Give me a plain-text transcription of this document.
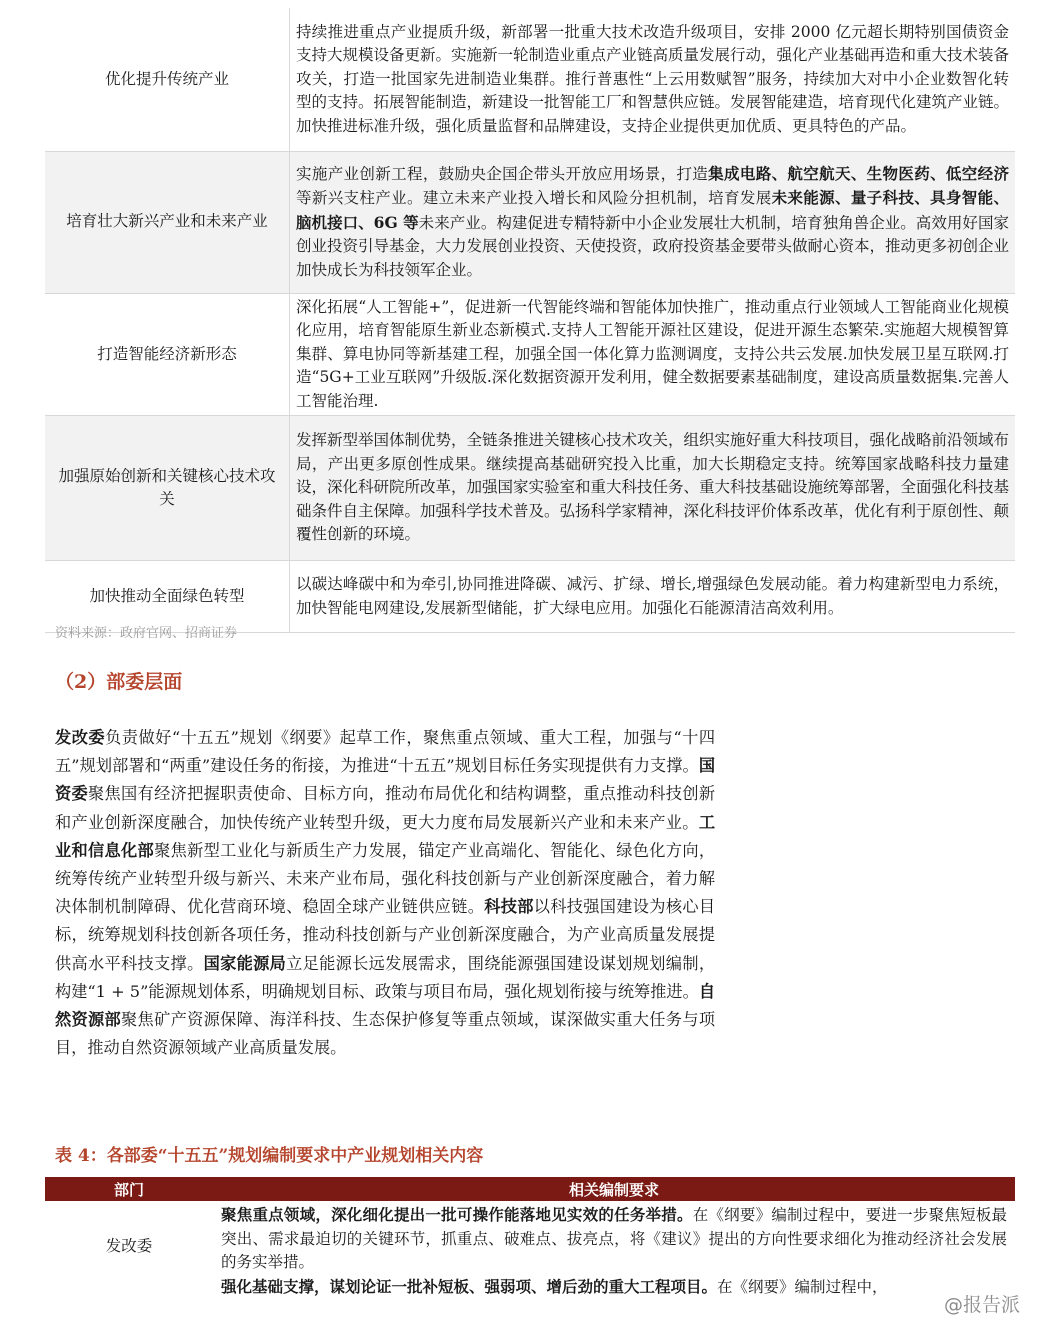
优化提升传统产业	持续推进重点产业提质升级，新部署一批重大技术改造升级项目，安排 2000 亿元超长期特别国债资金支持大规模设备更新。实施新一轮制造业重点产业链高质量发展行动，强化产业基础再造和重大技术装备攻关，打造一批国家先进制造业集群。推行普惠性“上云用数赋智”服务，持续加大对中小企业数智化转型的支持。拓展智能制造，新建设一批智能工厂和智慧供应链。发展智能建造，培育现代化建筑产业链。加快推进标准升级，强化质量监督和品牌建设，支持企业提供更加优质、更具特色的产品。
培育壮大新兴产业和未来产业	实施产业创新工程，鼓励央企国企带头开放应用场景，打造集成电路、航空航天、生物医药、低空经济等新兴支柱产业。建立未来产业投入增长和风险分担机制，培育发展未来能源、量子科技、具身智能、脑机接口、6G 等未来产业。构建促进专精特新中小企业发展壮大机制，培育独角兽企业。高效用好国家创业投资引导基金，大力发展创业投资、天使投资，政府投资基金要带头做耐心资本，推动更多初创企业加快成长为科技领军企业。
打造智能经济新形态	深化拓展“人工智能+”，促进新一代智能终端和智能体加快推广，推动重点行业领域人工智能商业化规模化应用，培育智能原生新业态新模式.支持人工智能开源社区建设，促进开源生态繁荣.实施超大规模智算集群、算电协同等新基建工程，加强全国一体化算力监测调度，支持公共云发展.加快发展卫星互联网.打造“5G+工业互联网”升级版.深化数据资源开发利用，健全数据要素基础制度，建设高质量数据集.完善人工智能治理.
加强原始创新和关键核心技术攻关	发挥新型举国体制优势，全链条推进关键核心技术攻关，组织实施好重大科技项目，强化战略前沿领域布局，产出更多原创性成果。继续提高基础研究投入比重，加大长期稳定支持。统筹国家战略科技力量建设，深化科研院所改革，加强国家实验室和重大科技任务、重大科技基础设施统筹部署，全面强化科技基础条件自主保障。加强科学技术普及。弘扬科学家精神，深化科技评价体系改革，优化有利于原创性、颠覆性创新的环境。
加快推动全面绿色转型	以碳达峰碳中和为牵引,协同推进降碳、减污、扩绿、增长,增强绿色发展动能。着力构建新型电力系统，加快智能电网建设,发展新型储能，扩大绿电应用。加强化石能源清洁高效利用。
资料来源：政府官网、招商证券
（2）部委层面
发改委负责做好“十五五”规划《纲要》起草工作，聚焦重点领域、重大工程，加强与“十四五”规划部署和“两重”建设任务的衔接，为推进“十五五”规划目标任务实现提供有力支撑。国资委聚焦国有经济把握职责使命、目标方向，推动布局优化和结构调整，重点推动科技创新和产业创新深度融合，加快传统产业转型升级，更大力度布局发展新兴产业和未来产业。工业和信息化部聚焦新型工业化与新质生产力发展，锚定产业高端化、智能化、绿色化方向，统筹传统产业转型升级与新兴、未来产业布局，强化科技创新与产业创新深度融合，着力解决体制机制障碍、优化营商环境、稳固全球产业链供应链。科技部以科技强国建设为核心目标，统筹规划科技创新各项任务，推动科技创新与产业创新深度融合，为产业高质量发展提供高水平科技支撑。国家能源局立足能源长远发展需求，围绕能源强国建设谋划规划编制，构建“1 + 5”能源规划体系，明确规划目标、政策与项目布局，强化规划衔接与统筹推进。自然资源部聚焦矿产资源保障、海洋科技、生态保护修复等重点领域，谋深做实重大任务与项目，推动自然资源领域产业高质量发展。
表 4：各部委“十五五”规划编制要求中产业规划相关内容
部门	相关编制要求
发改委	聚焦重点领域，深化细化提出一批可操作能落地见实效的任务举措。在《纲要》编制过程中，要进一步聚焦短板最突出、需求最迫切的关键环节，抓重点、破难点、拔亮点，将《建议》提出的方向性要求细化为推动经济社会发展的务实举措。
强化基础支撑，谋划论证一批补短板、强弱项、增后劲的重大工程项目。在《纲要》编制过程中，
@报告派
